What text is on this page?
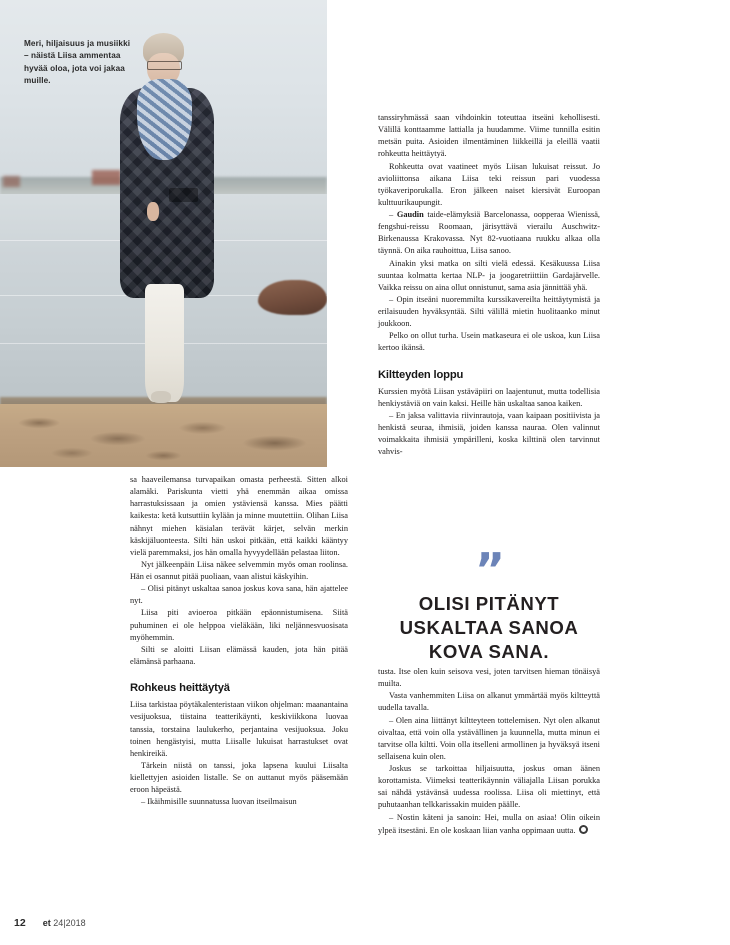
Meri, hiljaisuus ja musiikki – näistä Liisa ammentaa hyvää oloa, jota voi jakaa muille.

sa haaveilemansa turvapaikan omasta perheestä. Sitten alkoi alamäki. Pariskunta vietti yhä enemmän aikaa omissa harrastuksissaan ja omien ystäviensä kanssa. Mies päätti kaikesta: ketä kutsuttiin kylään ja minne muutettiin. Olihan Liisa nähnyt miehen käsialan terävät kärjet, selvän merkin käskijäluonteesta. Silti hän uskoi pitkään, että kaikki kääntyy vielä paremmaksi, jos hän omalla hyvyydellään pelastaa liiton.

Nyt jälkeenpäin Liisa näkee selvemmin myös oman roolinsa. Hän ei osannut pitää puoliaan, vaan alistui käskyihin.

– Olisi pitänyt uskaltaa sanoa joskus kova sana, hän ajattelee nyt.

Liisa piti avioeroa pitkään epäonnistumisena. Siitä puhuminen ei ole helppoa vieläkään, liki neljännesvuosisata myöhemmin.

Silti se aloitti Liisan elämässä kauden, jota hän pitää elämänsä parhaana.

Rohkeus heittäytyä

Liisa tarkistaa pöytäkalenteristaan viikon ohjelman: maanantaina vesijuoksua, tiistaina teatterikäynti, keskiviikkona luovaa tanssia, torstaina laulukerho, perjantaina vesijuoksua. Joku toinen hengästyisi, mutta Liisalle lukuisat harrastukset ovat henkireikä.

Tärkein niistä on tanssi, joka lapsena kuului Liisalta kiellettyjen asioiden listalle. Se on auttanut myös pääsemään eroon häpeästä.

– Ikäihmisille suunnatussa luovan itseilmaisun

tanssiryhmässä saan vihdoinkin toteuttaa itseäni kehollisesti. Välillä konttaamme lattialla ja huudamme. Viime tunnilla esitin metsän puita. Asioiden ilmentäminen liikkeillä ja eleillä vaatii rohkeutta heittäytyä.

Rohkeutta ovat vaatineet myös Liisan lukuisat reissut. Jo avioliittonsa aikana Liisa teki reissun pari vuodessa työkaveriporukalla. Eron jälkeen naiset kiersivät Euroopan kulttuurikaupungit.

– Gaudin taide-elämyksiä Barcelonassa, oopperaa Wienissä, fengshui-reissu Roomaan, järisyttävä vierailu Auschwitz-Birkenaussa Krakovassa. Nyt 82-vuotiaana ruukku alkaa olla täynnä. On aika rauhoittua, Liisa sanoo.

Ainakin yksi matka on silti vielä edessä. Kesäkuussa Liisa suuntaa kolmatta kertaa NLP- ja joogaretriittiin Gardajärvelle. Vaikka reissu on aina ollut onnistunut, sama asia jännittää yhä.

– Opin itseäni nuoremmilta kurssikavereilta heittäytymistä ja erilaisuuden hyväksyntää. Silti välillä mietin huolitaanko minut joukkoon.

Pelko on ollut turha. Usein matkaseura ei ole uskoa, kun Liisa kertoo ikänsä.

Kiltteyden loppu

Kurssien myötä Liisan ystäväpiiri on laajentunut, mutta todellisia henkiystäviä on vain kaksi. Heille hän uskaltaa sanoa kaiken.

– En jaksa valittavia riivinrautoja, vaan kaipaan positiivista ja henkistä seuraa, ihmisiä, joiden kanssa nauraa. Olen valinnut voimakkaita ihmisiä ympärilleni, koska kilttinä olen tarvinnut vahvis-

”
OLISI PITÄNYT
USKALTAA SANOA
KOVA SANA.

tusta. Itse olen kuin seisova vesi, joten tarvitsen hieman tönäisyä muilta.

Vasta vanhemmiten Liisa on alkanut ymmärtää myös kiltteyttä uudella tavalla.

– Olen aina liittänyt kiltteyteen tottelemisen. Nyt olen alkanut oivaltaa, että voin olla ystävällinen ja kuunnella, mutta minun ei tarvitse olla kiltti. Voin olla itselleni armollinen ja hyväksyä itseni sellaisena kuin olen.

Joskus se tarkoittaa hiljaisuutta, joskus oman äänen korottamista. Viimeksi teatterikäynnin väliajalla Liisan porukka sai nähdä ystävänsä uudessa roolissa. Liisa oli miettinyt, että puhutaanhan telkkarissakin muiden päälle.

– Nostin käteni ja sanoin: Hei, mulla on asiaa! Olin oikein ylpeä itsestäni. En ole koskaan liian vanha oppimaan uutta.

12 et 24|2018
